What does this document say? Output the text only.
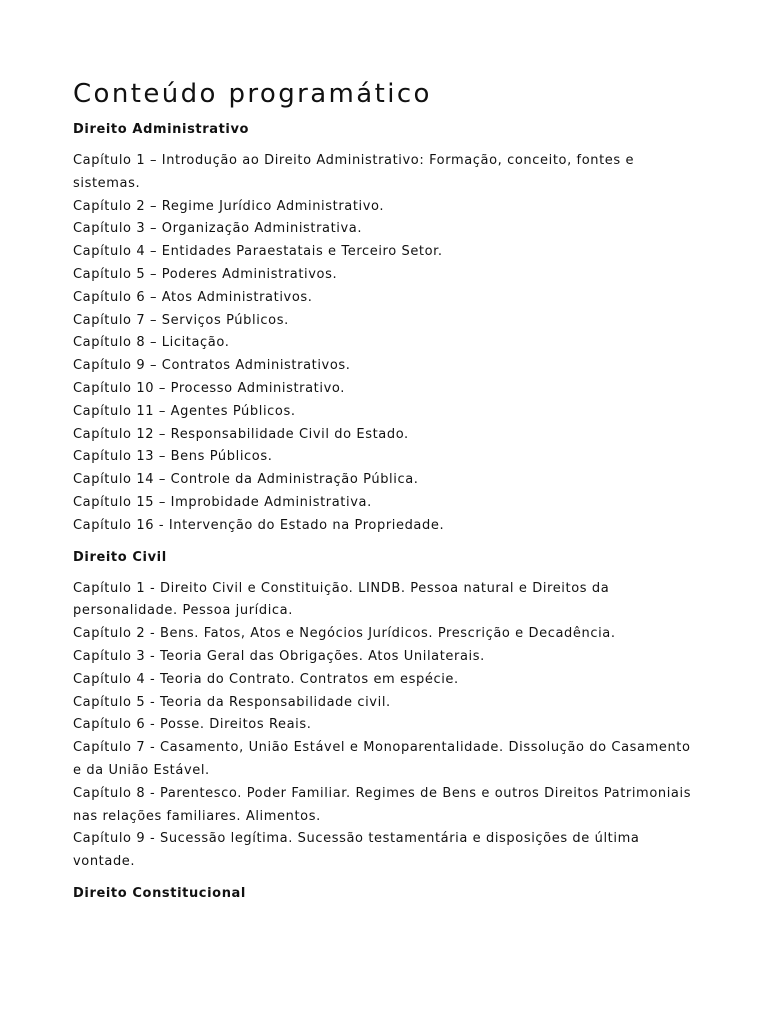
Conteúdo programático
Direito Administrativo
Capítulo 1 – Introdução ao Direito Administrativo: Formação, conceito, fontes e sistemas.
Capítulo 2 – Regime Jurídico Administrativo.
Capítulo 3 – Organização Administrativa.
Capítulo 4 – Entidades Paraestatais e Terceiro Setor.
Capítulo 5 – Poderes Administrativos.
Capítulo 6 – Atos Administrativos.
Capítulo 7 – Serviços Públicos.
Capítulo 8 – Licitação.
Capítulo 9 – Contratos Administrativos.
Capítulo 10 – Processo Administrativo.
Capítulo 11 – Agentes Públicos.
Capítulo 12 – Responsabilidade Civil do Estado.
Capítulo 13 – Bens Públicos.
Capítulo 14 – Controle da Administração Pública.
Capítulo 15 – Improbidade Administrativa.
Capítulo 16 - Intervenção do Estado na Propriedade.
Direito Civil
Capítulo 1 - Direito Civil e Constituição. LINDB. Pessoa natural e Direitos da personalidade. Pessoa jurídica.
Capítulo 2 - Bens. Fatos, Atos e Negócios Jurídicos. Prescrição e Decadência.
Capítulo 3 - Teoria Geral das Obrigações. Atos Unilaterais.
Capítulo 4 - Teoria do Contrato. Contratos em espécie.
Capítulo 5 - Teoria da Responsabilidade civil.
Capítulo 6 - Posse. Direitos Reais.
Capítulo 7 - Casamento, União Estável e Monoparentalidade. Dissolução do Casamento e da União Estável.
Capítulo 8 - Parentesco. Poder Familiar. Regimes de Bens e outros Direitos Patrimoniais nas relações familiares. Alimentos.
Capítulo 9 - Sucessão legítima. Sucessão testamentária e disposições de última vontade.
Direito Constitucional
